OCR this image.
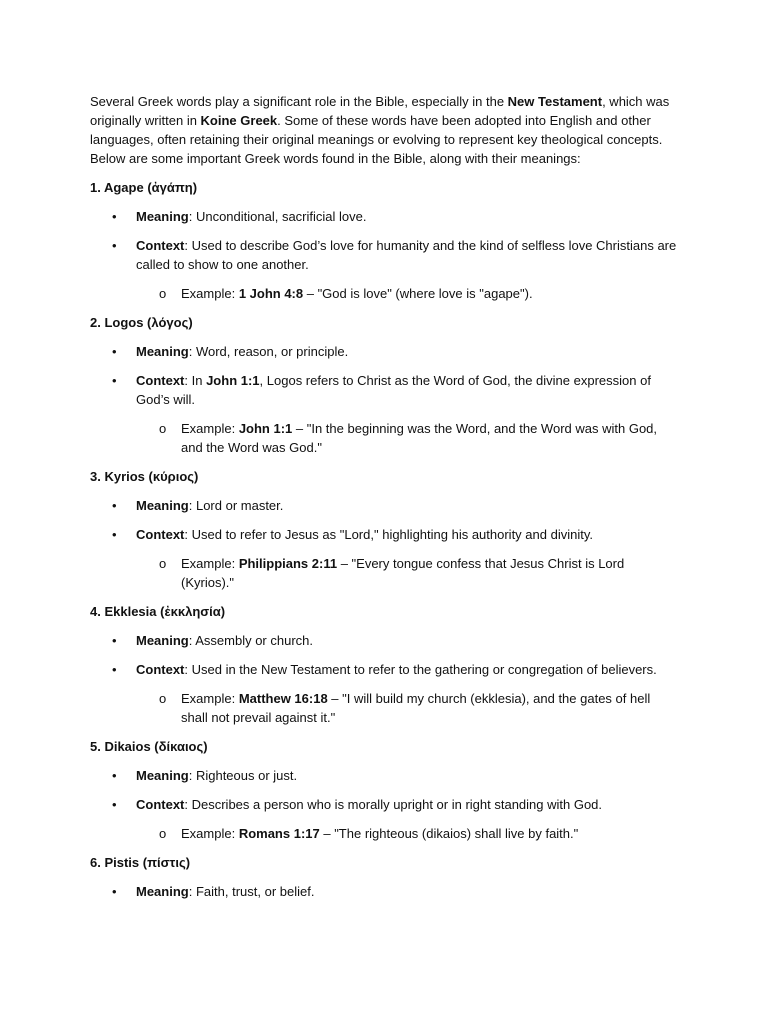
Several Greek words play a significant role in the Bible, especially in the New Testament, which was originally written in Koine Greek. Some of these words have been adopted into English and other languages, often retaining their original meanings or evolving to represent key theological concepts. Below are some important Greek words found in the Bible, along with their meanings:

1. Agape (ἀγάπη)
• Meaning: Unconditional, sacrificial love.
• Context: Used to describe God’s love for humanity and the kind of selfless love Christians are called to show to one another.
o Example: 1 John 4:8 – "God is love" (where love is "agape").
2. Logos (λόγος)
• Meaning: Word, reason, or principle.
• Context: In John 1:1, Logos refers to Christ as the Word of God, the divine expression of God’s will.
o Example: John 1:1 – "In the beginning was the Word, and the Word was with God, and the Word was God."
3. Kyrios (κύριος)
• Meaning: Lord or master.
• Context: Used to refer to Jesus as "Lord," highlighting his authority and divinity.
o Example: Philippians 2:11 – "Every tongue confess that Jesus Christ is Lord (Kyrios)."
4. Ekklesia (ἐκκλησία)
• Meaning: Assembly or church.
• Context: Used in the New Testament to refer to the gathering or congregation of believers.
o Example: Matthew 16:18 – "I will build my church (ekklesia), and the gates of hell shall not prevail against it."
5. Dikaios (δίκαιος)
• Meaning: Righteous or just.
• Context: Describes a person who is morally upright or in right standing with God.
o Example: Romans 1:17 – "The righteous (dikaios) shall live by faith."
6. Pistis (πίστις)
• Meaning: Faith, trust, or belief.
